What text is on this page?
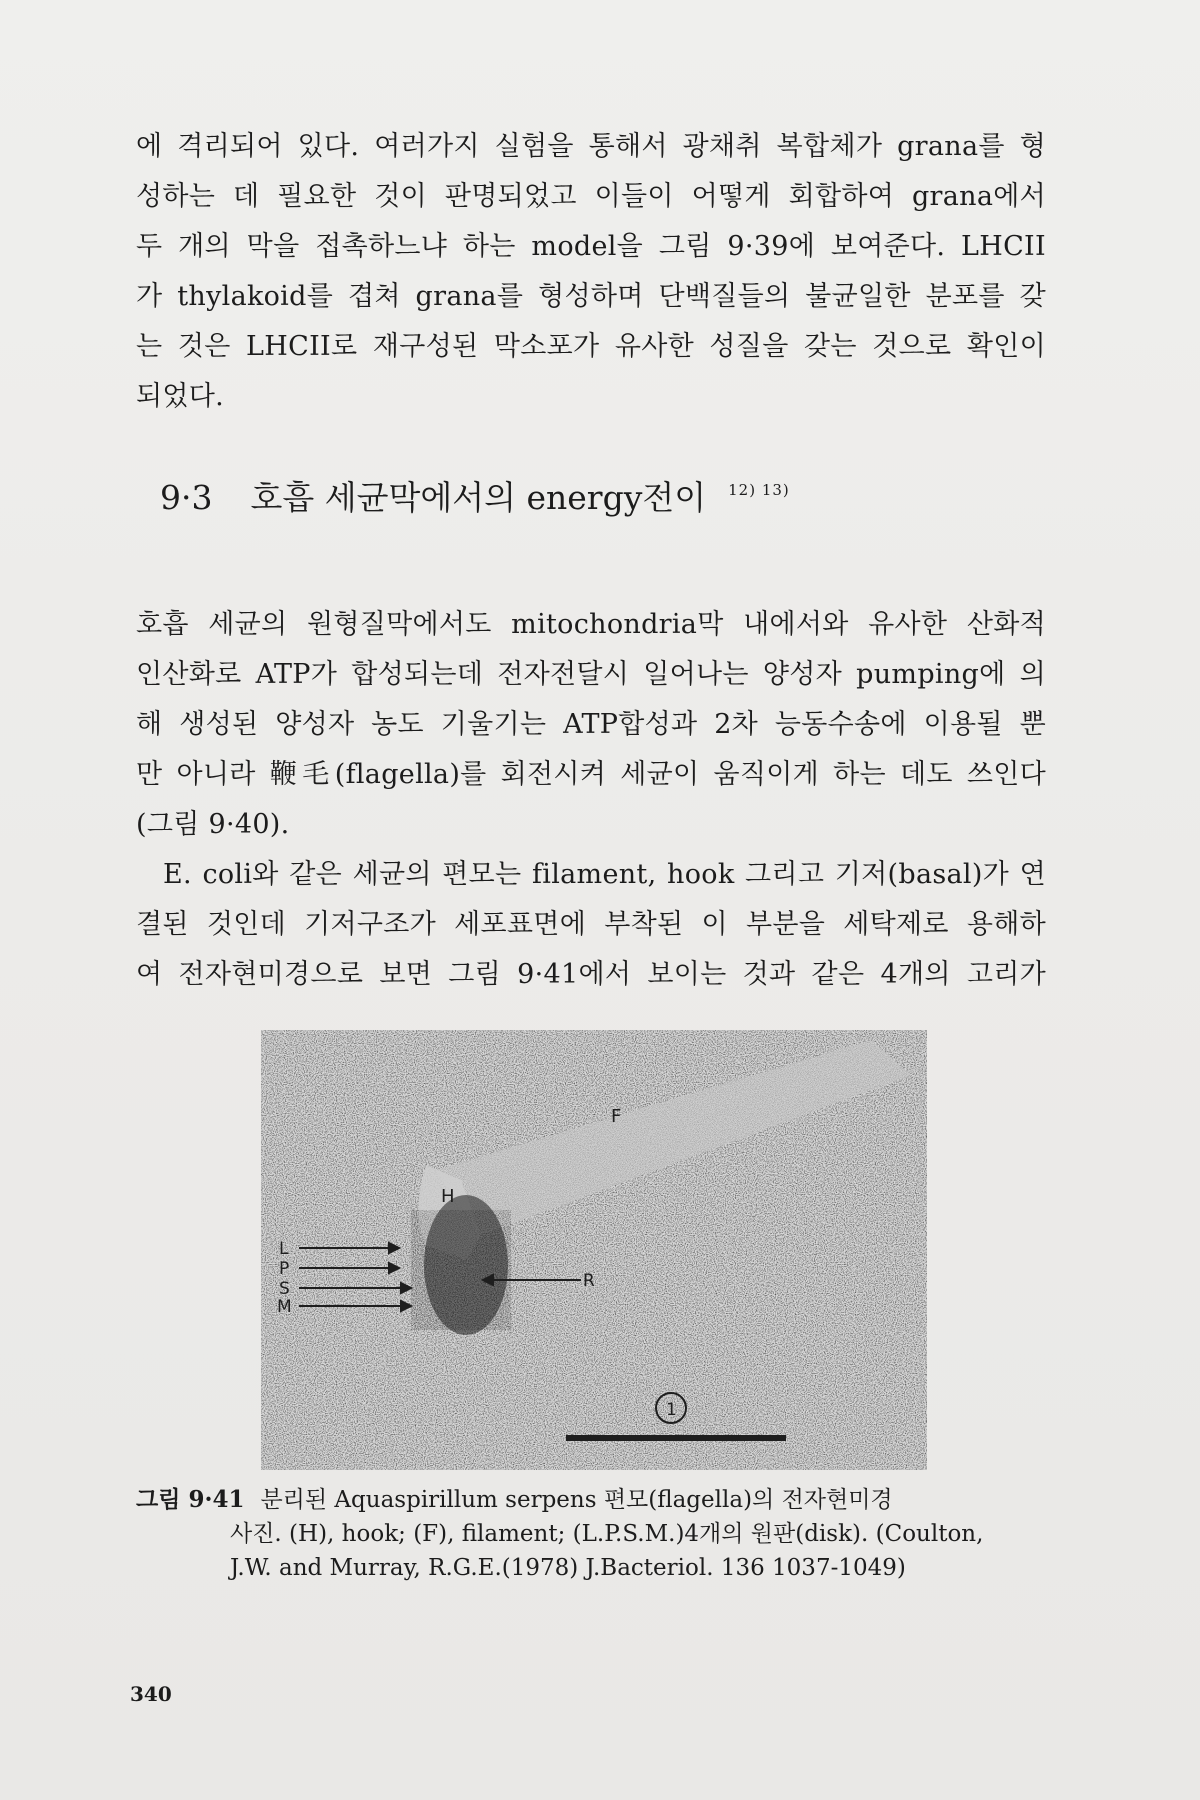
에 격리되어 있다. 여러가지 실험을 통해서 광채취 복합체가 grana를 형

성하는 데 필요한 것이 판명되었고 이들이 어떻게 회합하여 grana에서

두 개의 막을 접촉하느냐 하는 model을 그림 9·39에 보여준다. LHCII

가 thylakoid를 겹쳐 grana를 형성하며 단백질들의 불균일한 분포를 갖

는 것은 LHCII로 재구성된 막소포가 유사한 성질을 갖는 것으로 확인이

되었다.

9·3 호흡 세균막에서의 energy전이 $^{12) 13)}$

호흡 세균의 원형질막에서도 mitochondria막 내에서와 유사한 산화적

인산화로 ATP가 합성되는데 전자전달시 일어나는 양성자 pumping에 의

해 생성된 양성자 농도 기울기는 ATP합성과 2차 능동수송에 이용될 뿐

만 아니라 鞭毛(flagella)를 회전시켜 세균이 움직이게 하는 데도 쓰인다

(그림 9·40).

E. coli와 같은 세균의 편모는 filament, hook 그리고 기저(basal)가 연

결된 것인데 기저구조가 세포표면에 부착된 이 부분을 세탁제로 용해하

여 전자현미경으로 보면 그림 9·41에서 보이는 것과 같은 4개의 고리가

F
H
L
P
S
M
R
1
그림 9·41 분리된 Aquaspirillum serpens 편모(flagella)의 전자현미경
사진. (H), hook; (F), filament; (L.P.S.M.)4개의 원판(disk). (Coulton,
J.W. and Murray, R.G.E.(1978) J.Bacteriol. 136 1037-1049)
340
